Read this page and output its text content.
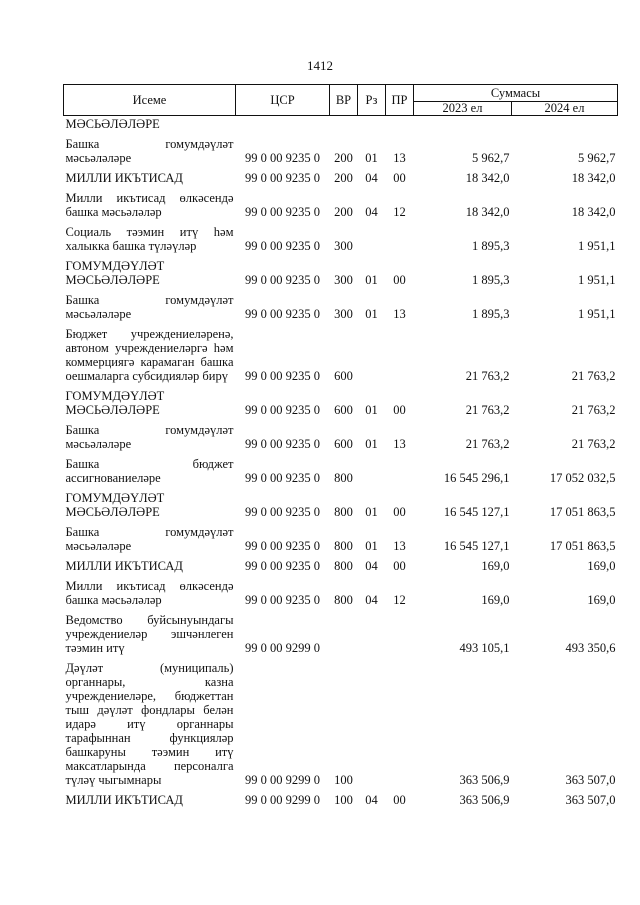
1412
Исеме	ЦСР	ВР	Рз	ПР	Суммасы	
					2023 ел	2024 ел
МӘСЬӘЛӘЛӘРЕ						
Башка гомумдәүләт мәсьәләләре	99 0 00 9235 0	200	01	13	5 962,7	5 962,7
МИЛЛИ ИКЪТИСАД	99 0 00 9235 0	200	04	00	18 342,0	18 342,0
Милли икътисад өлкәсендә башка мәсьәләләр	99 0 00 9235 0	200	04	12	18 342,0	18 342,0
Социаль тәэмин итү һәм халыкка башка түләүләр	99 0 00 9235 0	300			1 895,3	1 951,1
ГОМУМДӘҮЛӘТ МӘСЬӘЛӘЛӘРЕ	99 0 00 9235 0	300	01	00	1 895,3	1 951,1
Башка гомумдәүләт мәсьәләләре	99 0 00 9235 0	300	01	13	1 895,3	1 951,1
Бюджет учреждениеләренә, автоном учреждениеләргә һәм коммерциягә карамаган башка оешмаларга субсидияләр бирү	99 0 00 9235 0	600			21 763,2	21 763,2
ГОМУМДӘҮЛӘТ МӘСЬӘЛӘЛӘРЕ	99 0 00 9235 0	600	01	00	21 763,2	21 763,2
Башка гомумдәүләт мәсьәләләре	99 0 00 9235 0	600	01	13	21 763,2	21 763,2
Башка бюджет ассигнованиеләре	99 0 00 9235 0	800			16 545 296,1	17 052 032,5
ГОМУМДӘҮЛӘТ МӘСЬӘЛӘЛӘРЕ	99 0 00 9235 0	800	01	00	16 545 127,1	17 051 863,5
Башка гомумдәүләт мәсьәләләре	99 0 00 9235 0	800	01	13	16 545 127,1	17 051 863,5
МИЛЛИ ИКЪТИСАД	99 0 00 9235 0	800	04	00	169,0	169,0
Милли икътисад өлкәсендә башка мәсьәләләр	99 0 00 9235 0	800	04	12	169,0	169,0
Ведомство буйсынуындагы учреждениеләр эшчәнлеген тәэмин итү	99 0 00 9299 0				493 105,1	493 350,6
Дәүләт (муниципаль) органнары, казна учреждениеләре, бюджеттан тыш дәүләт фондлары белән идарә итү органнары тарафыннан функцияләр башкаруны тәэмин итү максатларында персоналга түләү чыгымнары	99 0 00 9299 0	100			363 506,9	363 507,0
МИЛЛИ ИКЪТИСАД	99 0 00 9299 0	100	04	00	363 506,9	363 507,0
